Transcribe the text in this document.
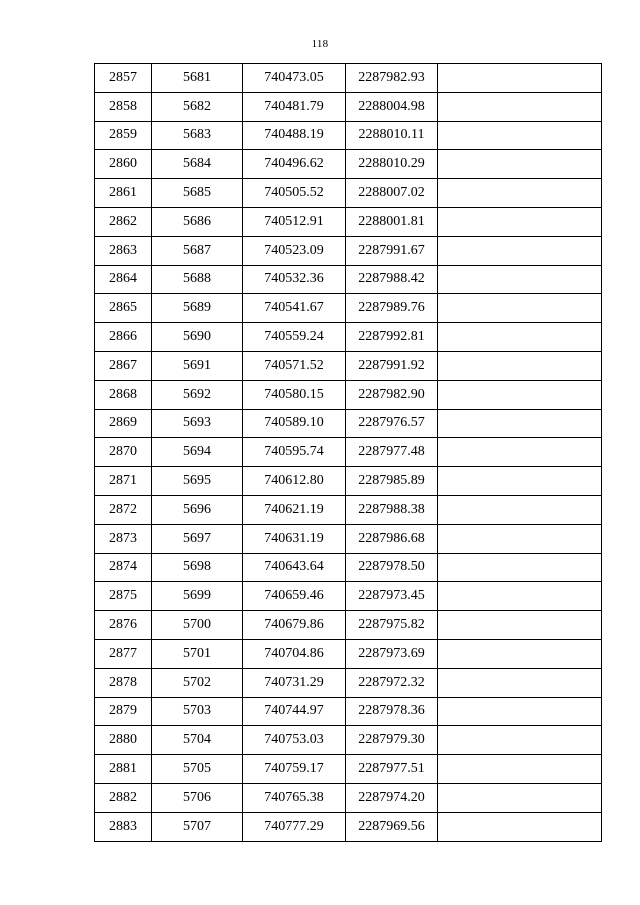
118
2857	5681	740473.05	2287982.93	
2858	5682	740481.79	2288004.98	
2859	5683	740488.19	2288010.11	
2860	5684	740496.62	2288010.29	
2861	5685	740505.52	2288007.02	
2862	5686	740512.91	2288001.81	
2863	5687	740523.09	2287991.67	
2864	5688	740532.36	2287988.42	
2865	5689	740541.67	2287989.76	
2866	5690	740559.24	2287992.81	
2867	5691	740571.52	2287991.92	
2868	5692	740580.15	2287982.90	
2869	5693	740589.10	2287976.57	
2870	5694	740595.74	2287977.48	
2871	5695	740612.80	2287985.89	
2872	5696	740621.19	2287988.38	
2873	5697	740631.19	2287986.68	
2874	5698	740643.64	2287978.50	
2875	5699	740659.46	2287973.45	
2876	5700	740679.86	2287975.82	
2877	5701	740704.86	2287973.69	
2878	5702	740731.29	2287972.32	
2879	5703	740744.97	2287978.36	
2880	5704	740753.03	2287979.30	
2881	5705	740759.17	2287977.51	
2882	5706	740765.38	2287974.20	
2883	5707	740777.29	2287969.56	
